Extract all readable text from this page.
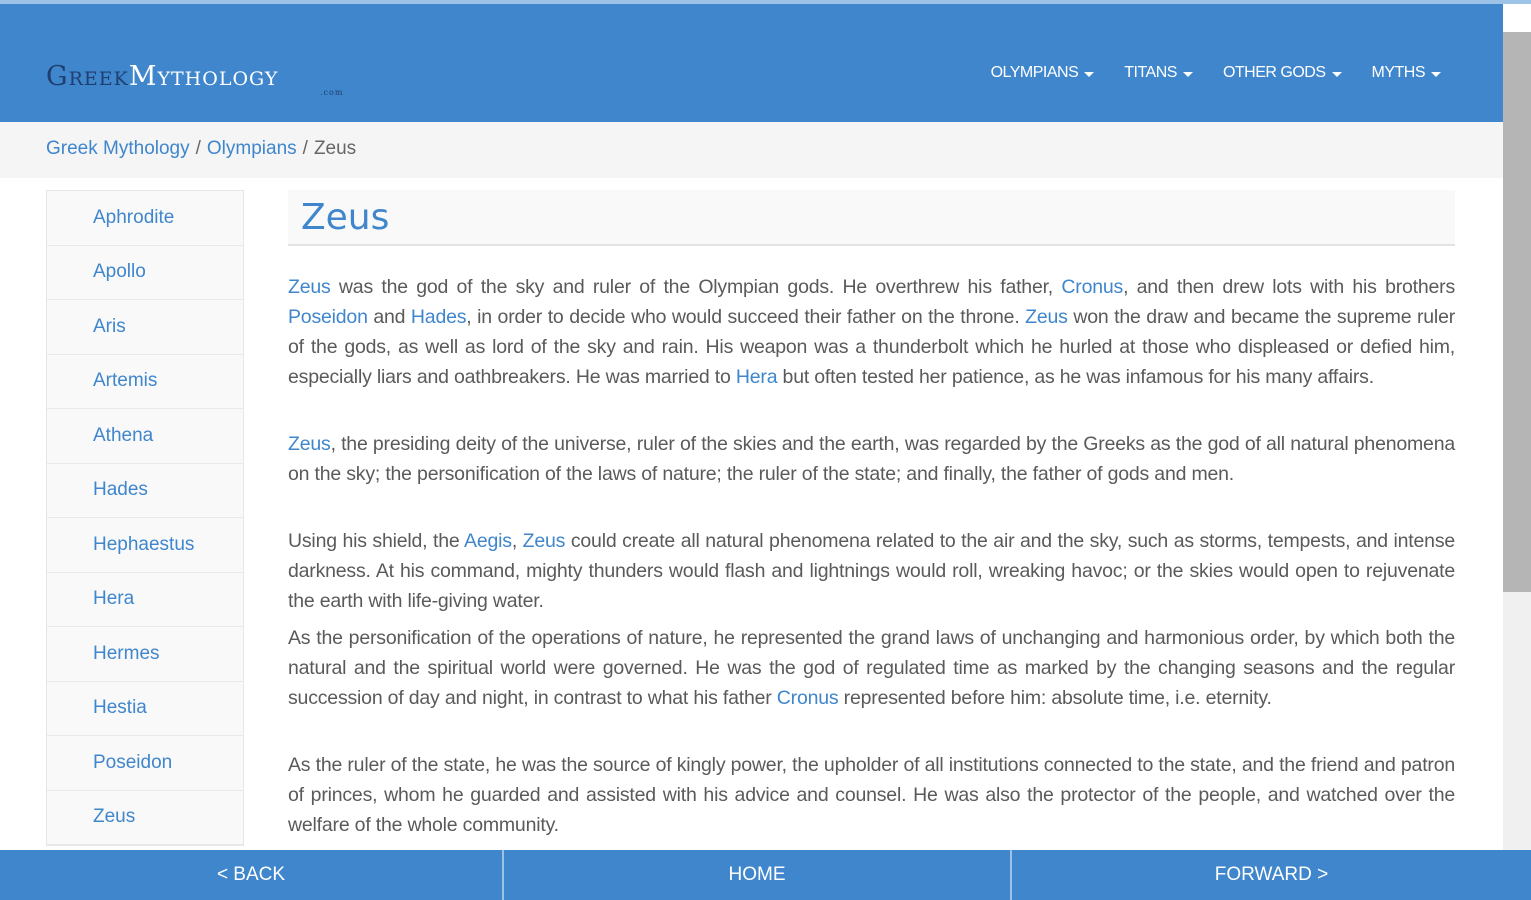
Greek Mythology
.com
OLYMPIANS	TITANS	OTHER GODS	MYTHS
Greek Mythology / Olympians / Zeus
Aphrodite
Apollo
Aris
Artemis
Athena
Hades
Hephaestus
Hera
Hermes
Hestia
Poseidon
Zeus
Zeus

Zeus was the god of the sky and ruler of the Olympian gods. He overthrew his father, Cronus, and then drew lots with his brothers Poseidon and Hades, in order to decide who would succeed their father on the throne. Zeus won the draw and became the supreme ruler of the gods, as well as lord of the sky and rain. His weapon was a thunderbolt which he hurled at those who displeased or defied him, especially liars and oathbreakers. He was married to Hera but often tested her patience, as he was infamous for his many affairs.

Zeus, the presiding deity of the universe, ruler of the skies and the earth, was regarded by the Greeks as the god of all natural phenomena on the sky; the personification of the laws of nature; the ruler of the state; and finally, the father of gods and men.

Using his shield, the Aegis, Zeus could create all natural phenomena related to the air and the sky, such as storms, tempests, and intense darkness. At his command, mighty thunders would flash and lightnings would roll, wreaking havoc; or the skies would open to rejuvenate the earth with life-giving water.

As the personification of the operations of nature, he represented the grand laws of unchanging and harmonious order, by which both the natural and the spiritual world were governed. He was the god of regulated time as marked by the changing seasons and the regular succession of day and night, in contrast to what his father Cronus represented before him: absolute time, i.e. eternity.

As the ruler of the state, he was the source of kingly power, the upholder of all institutions connected to the state, and the friend and patron of princes, whom he guarded and assisted with his advice and counsel. He was also the protector of the people, and watched over the welfare of the whole community.

< BACK	HOME	FORWARD >
